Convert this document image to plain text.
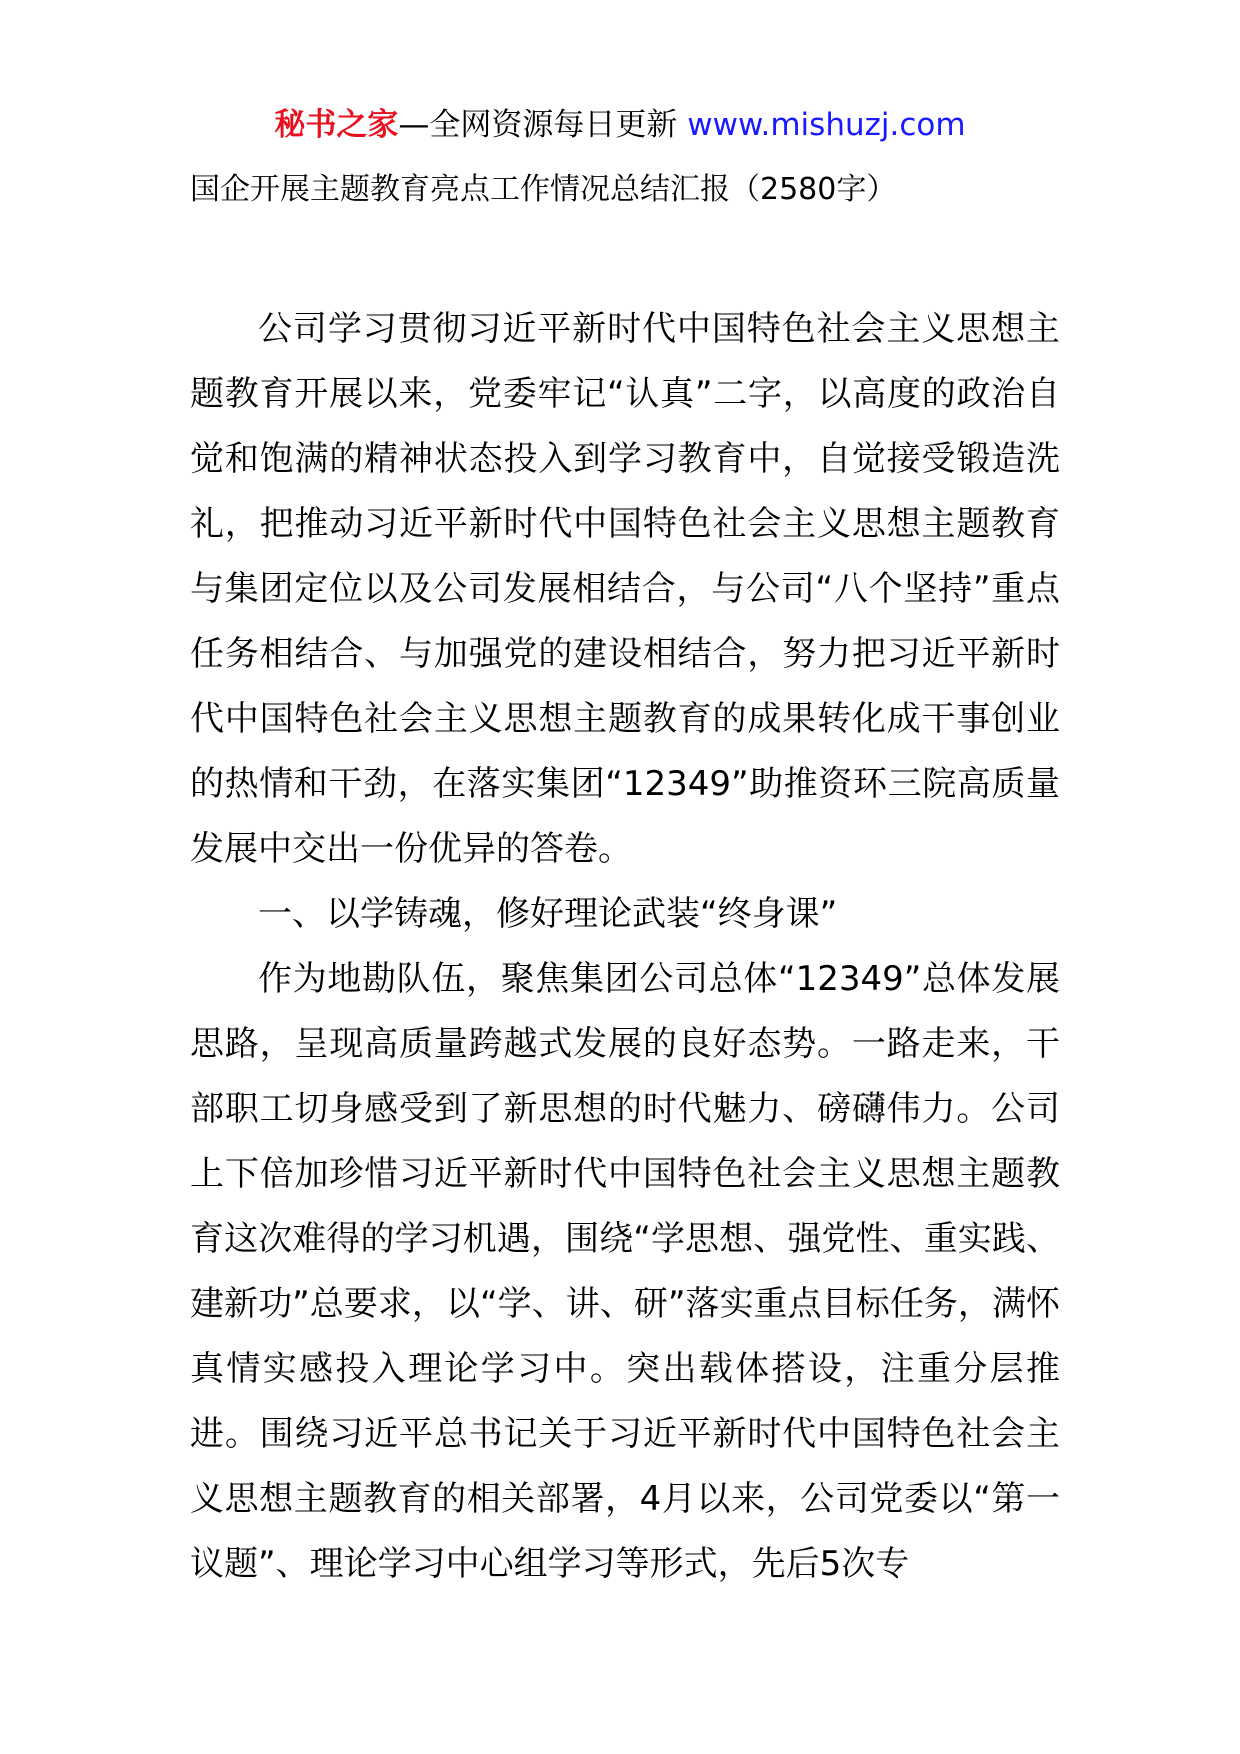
秘书之家—全网资源每日更新 www.mishuzj.com
国企开展主题教育亮点工作情况总结汇报（2580字）

公司学习贯彻习近平新时代中国特色社会主义思想主题教育开展以来，党委牢记“认真”二字，以高度的政治自觉和饱满的精神状态投入到学习教育中，自觉接受锻造洗礼，把推动习近平新时代中国特色社会主义思想主题教育与集团定位以及公司发展相结合，与公司“八个坚持”重点任务相结合、与加强党的建设相结合，努力把习近平新时代中国特色社会主义思想主题教育的成果转化成干事创业的热情和干劲，在落实集团“12349”助推资环三院高质量发展中交出一份优异的答卷。

一、以学铸魂，修好理论武装“终身课”

作为地勘队伍，聚焦集团公司总体“12349”总体发展思路，呈现高质量跨越式发展的良好态势。一路走来，干部职工切身感受到了新思想的时代魅力、磅礴伟力。公司上下倍加珍惜习近平新时代中国特色社会主义思想主题教育这次难得的学习机遇，围绕“学思想、强党性、重实践、建新功”总要求，以“学、讲、研”落实重点目标任务，满怀真情实感投入理论学习中。突出载体搭设，注重分层推进。围绕习近平总书记关于习近平新时代中国特色社会主义思想主题教育的相关部署，4月以来，公司党委以“第一议题”、理论学习中心组学习等形式，先后5次专
